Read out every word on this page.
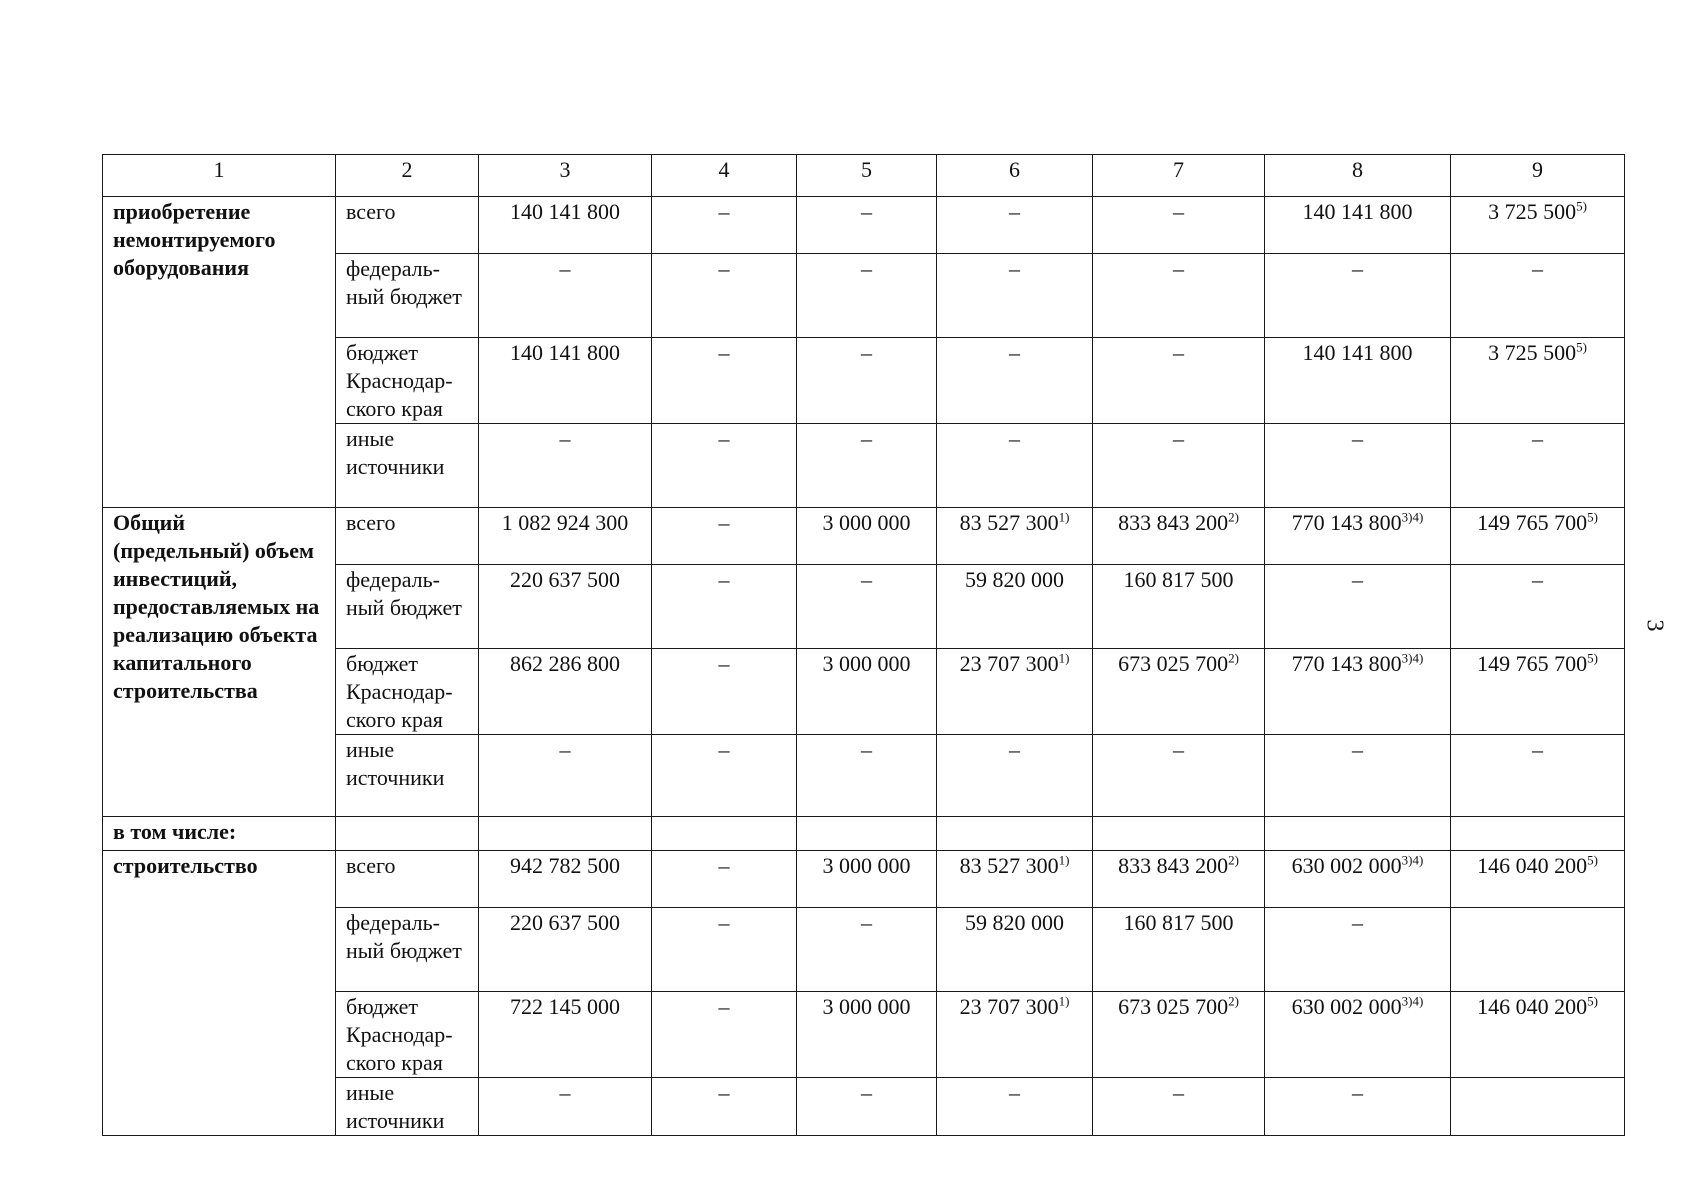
1	2	3	4	5	6	7	8	9
приобретение немонтируемого оборудования	всего	140 141 800	–	–	–	–	140 141 800	3 725 500$^{5)}$
	федераль-ный бюджет	–	–	–	–	–	–	–
	бюджет Краснодар-ского края	140 141 800	–	–	–	–	140 141 800	3 725 500$^{5)}$
	иные источники	–	–	–	–	–	–	–
Общий (предельный) объем инвестиций, предоставляемых на реализацию объекта капитального строительства	всего	1 082 924 300	–	3 000 000	83 527 300$^{1)}$	833 843 200$^{2)}$	770 143 $800^{3)4)}$	149 765 700$^{5)}$
	федераль-ный бюджет	220 637 500	–	–	59 820 000	160 817 500	–	–
	бюджет Краснодар-ского края	862 286 800	–	3 000 000	23 707 300$^{1)}$	673 025 700$^{2)}$	770 143 $800^{3)4)}$	149 765 700$^{5)}$
	иные источники	–	–	–	–	–	–	–
в том числе:								
строительство	всего	942 782 500	–	3 000 000	83 527 300$^{1)}$	833 843 200$^{2)}$	630 002 $000^{3)4)}$	146 040 200$^{5)}$
	федераль-ный бюджет	220 637 500	–	–	59 820 000	160 817 500	–	
	бюджет Краснодар-ского края	722 145 000	–	3 000 000	23 707 300$^{1)}$	673 025 700$^{2)}$	630 002 $000^{3)4)}$	146 040 200$^{5)}$
	иные источники	–	–	–	–	–	–	
3
